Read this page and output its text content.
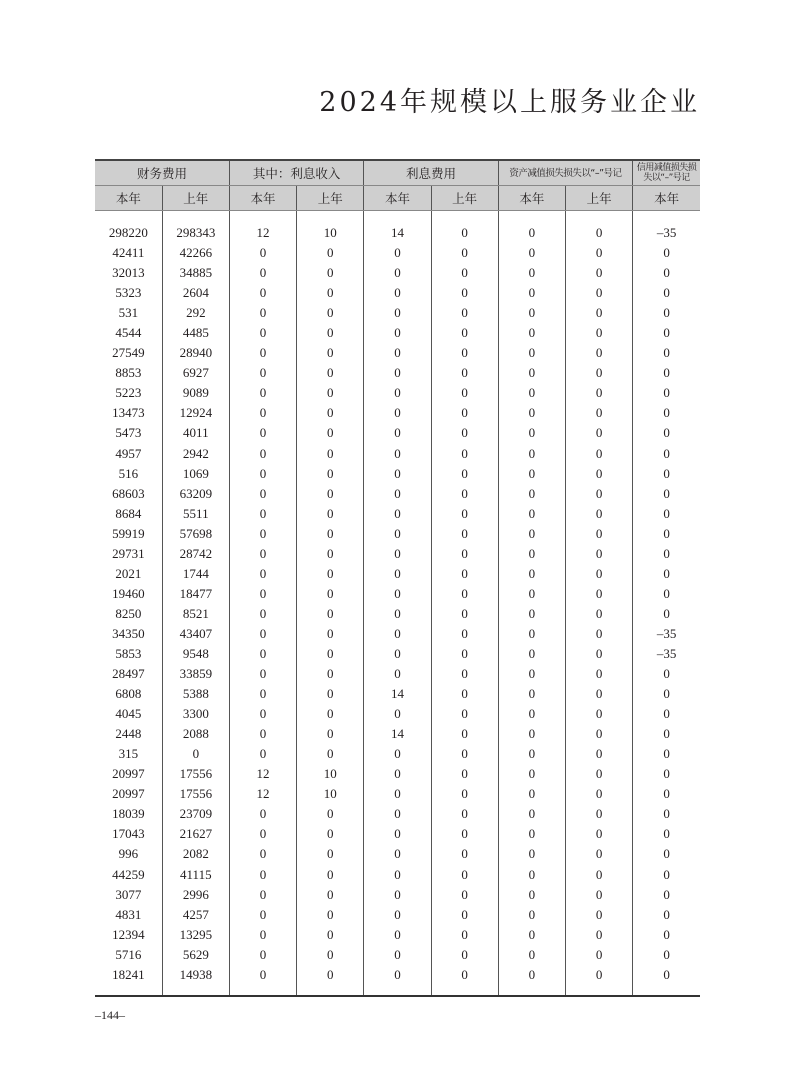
2024年规模以上服务业企业
财务费用		其中：利息收入		利息费用		资产减值损失损失以“–”号记		信用减值损失损失以“–”号记
本年	上年	本年	上年	本年	上年	本年	上年	本年

298220	298343	12	10	14	0	0	0	–35
42411	42266	0	0	0	0	0	0	0
32013	34885	0	0	0	0	0	0	0
5323	2604	0	0	0	0	0	0	0
531	292	0	0	0	0	0	0	0
4544	4485	0	0	0	0	0	0	0
27549	28940	0	0	0	0	0	0	0
8853	6927	0	0	0	0	0	0	0
5223	9089	0	0	0	0	0	0	0
13473	12924	0	0	0	0	0	0	0
5473	4011	0	0	0	0	0	0	0
4957	2942	0	0	0	0	0	0	0
516	1069	0	0	0	0	0	0	0
68603	63209	0	0	0	0	0	0	0
8684	5511	0	0	0	0	0	0	0
59919	57698	0	0	0	0	0	0	0
29731	28742	0	0	0	0	0	0	0
2021	1744	0	0	0	0	0	0	0
19460	18477	0	0	0	0	0	0	0
8250	8521	0	0	0	0	0	0	0
34350	43407	0	0	0	0	0	0	–35
5853	9548	0	0	0	0	0	0	–35
28497	33859	0	0	0	0	0	0	0
6808	5388	0	0	14	0	0	0	0
4045	3300	0	0	0	0	0	0	0
2448	2088	0	0	14	0	0	0	0
315	0	0	0	0	0	0	0	0
20997	17556	12	10	0	0	0	0	0
20997	17556	12	10	0	0	0	0	0
18039	23709	0	0	0	0	0	0	0
17043	21627	0	0	0	0	0	0	0
996	2082	0	0	0	0	0	0	0
44259	41115	0	0	0	0	0	0	0
3077	2996	0	0	0	0	0	0	0
4831	4257	0	0	0	0	0	0	0
12394	13295	0	0	0	0	0	0	0
5716	5629	0	0	0	0	0	0	0
18241	14938	0	0	0	0	0	0	0

–144–
